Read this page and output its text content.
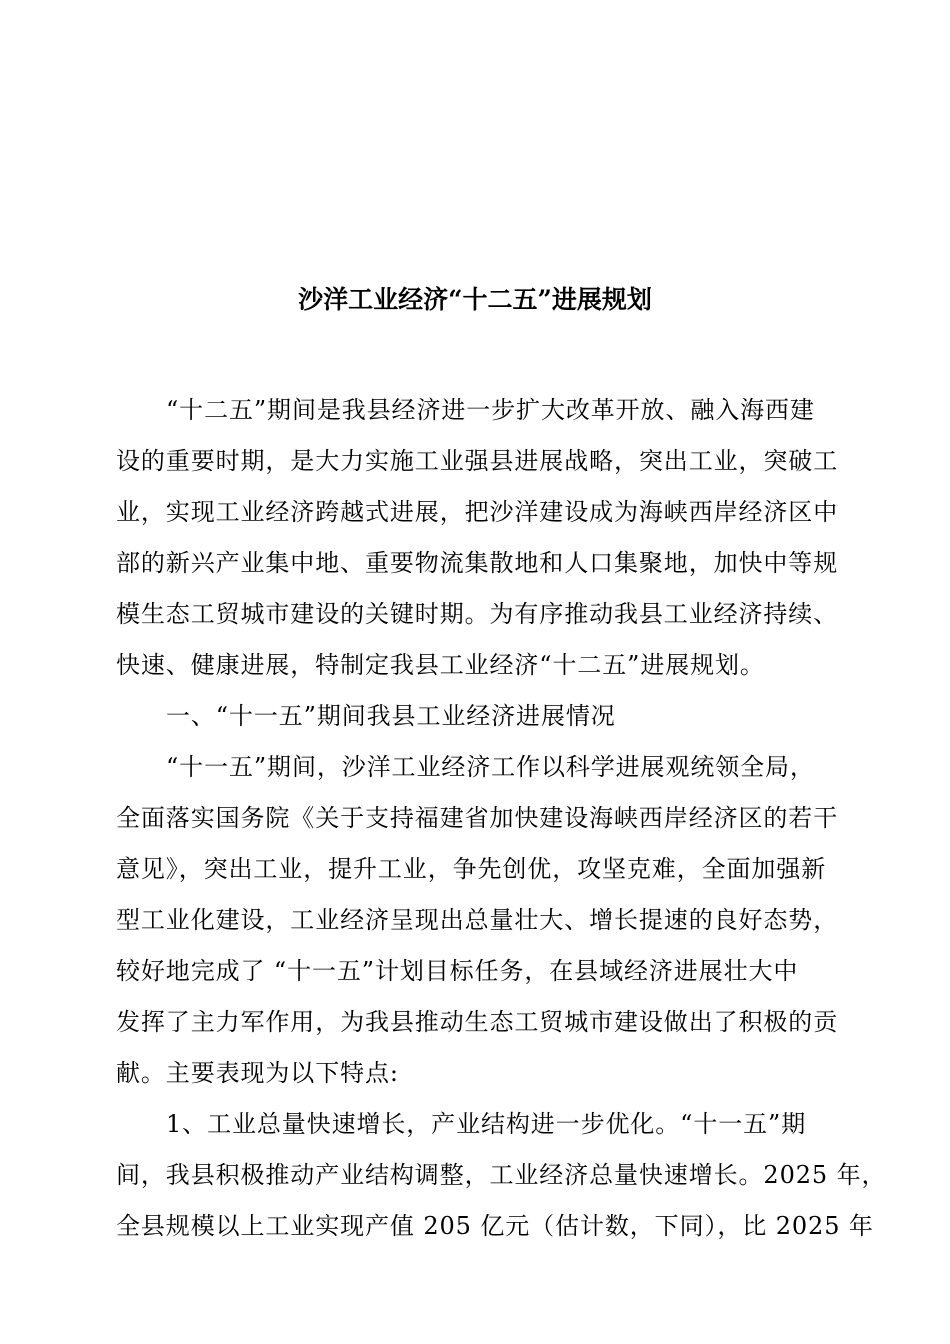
沙洋工业经济“十二五”进展规划
“十二五”期间是我县经济进一步扩大改革开放、融入海西建
设的重要时期，是大力实施工业强县进展战略，突出工业，突破工
业，实现工业经济跨越式进展，把沙洋建设成为海峡西岸经济区中
部的新兴产业集中地、重要物流集散地和人口集聚地，加快中等规
模生态工贸城市建设的关键时期。为有序推动我县工业经济持续、
快速、健康进展，特制定我县工业经济“十二五”进展规划。
一、“十一五”期间我县工业经济进展情况
“十一五”期间，沙洋工业经济工作以科学进展观统领全局，
全面落实国务院《关于支持福建省加快建设海峡西岸经济区的若干
意见》，突出工业，提升工业，争先创优，攻坚克难，全面加强新
型工业化建设，工业经济呈现出总量壮大、增长提速的良好态势，
较好地完成了 “十一五”计划目标任务，在县域经济进展壮大中
发挥了主力军作用，为我县推动生态工贸城市建设做出了积极的贡
献。主要表现为以下特点:
1、工业总量快速增长，产业结构进一步优化。“十一五”期
间，我县积极推动产业结构调整，工业经济总量快速增长。2025 年，
全县规模以上工业实现产值 205 亿元（估计数，下同），比 2025 年
